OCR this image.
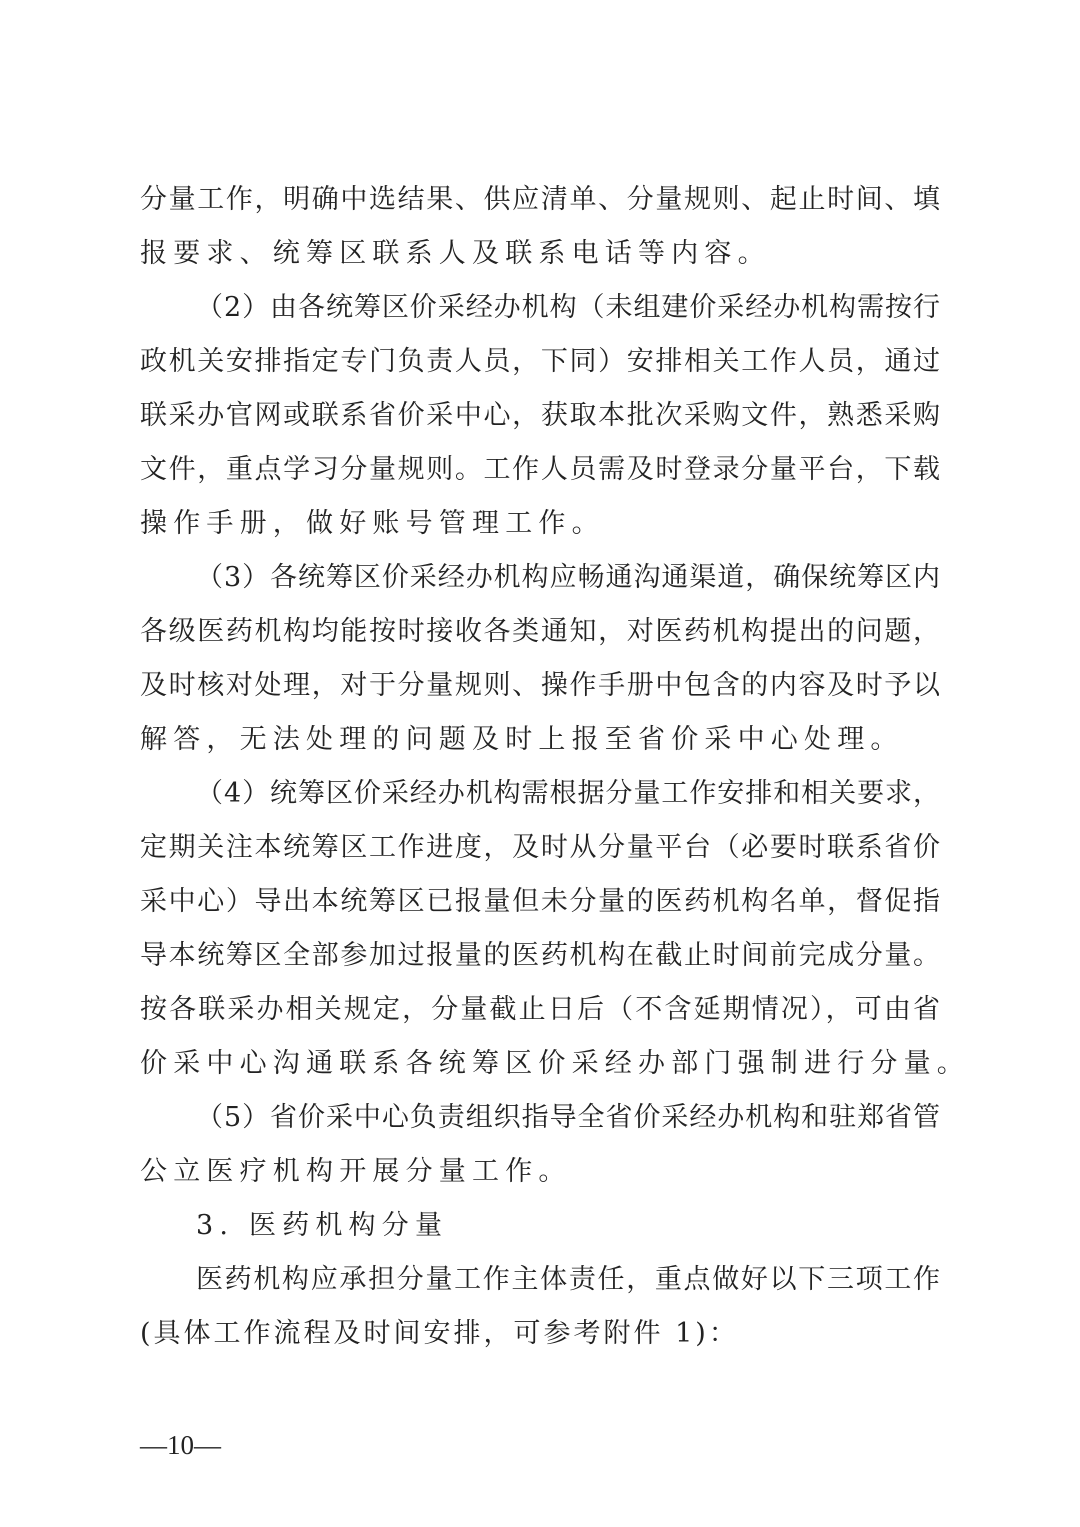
分量工作，明确中选结果、供应清单、分量规则、起止时间、填
报要求、统筹区联系人及联系电话等内容。
（2）由各统筹区价采经办机构（未组建价采经办机构需按行
政机关安排指定专门负责人员，下同）安排相关工作人员，通过
联采办官网或联系省价采中心，获取本批次采购文件，熟悉采购
文件，重点学习分量规则。工作人员需及时登录分量平台，下载
操作手册，做好账号管理工作。
（3）各统筹区价采经办机构应畅通沟通渠道，确保统筹区内
各级医药机构均能按时接收各类通知，对医药机构提出的问题，
及时核对处理，对于分量规则、操作手册中包含的内容及时予以
解答，无法处理的问题及时上报至省价采中心处理。
（4）统筹区价采经办机构需根据分量工作安排和相关要求，
定期关注本统筹区工作进度，及时从分量平台（必要时联系省价
采中心）导出本统筹区已报量但未分量的医药机构名单，督促指
导本统筹区全部参加过报量的医药机构在截止时间前完成分量。
按各联采办相关规定，分量截止日后（不含延期情况），可由省
价采中心沟通联系各统筹区价采经办部门强制进行分量。
（5）省价采中心负责组织指导全省价采经办机构和驻郑省管
公立医疗机构开展分量工作。
3. 医药机构分量
医药机构应承担分量工作主体责任，重点做好以下三项工作
(具体工作流程及时间安排，可参考附件 1)：
—10—
